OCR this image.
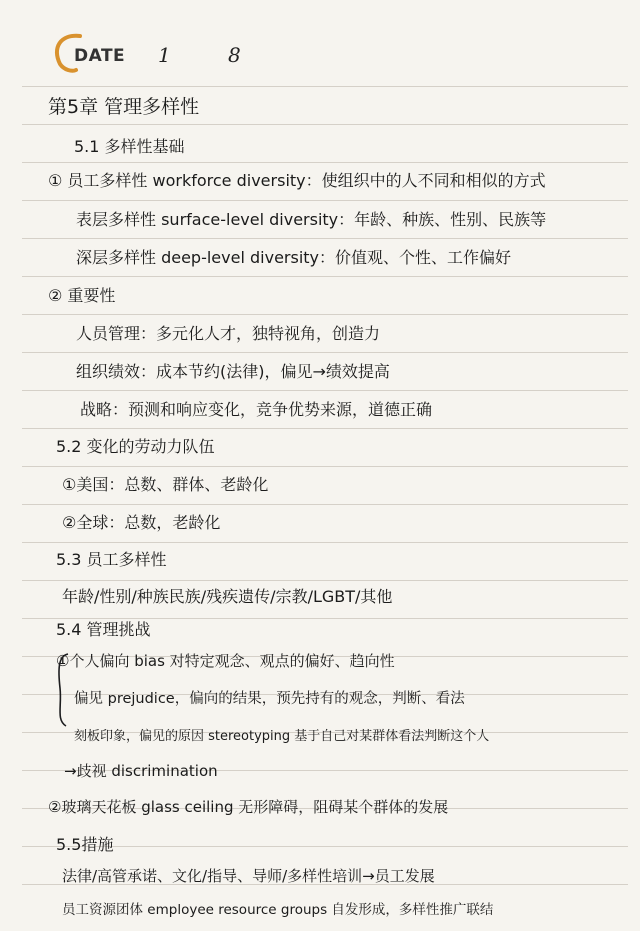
DATE 1	8
第5章 管理多样性
5.1 多样性基础
① 员工多样性 workforce diversity：使组织中的人不同和相似的方式
表层多样性 surface-level diversity：年龄、种族、性别、民族等
深层多样性 deep-level diversity：价值观、个性、工作偏好
② 重要性
人员管理：多元化人才，独特视角，创造力
组织绩效：成本节约(法律)，偏见→绩效提高
战略：预测和响应变化，竞争优势来源，道德正确
5.2 变化的劳动力队伍
①美国：总数、群体、老龄化
②全球：总数，老龄化
5.3 员工多样性
年龄/性别/种族民族/残疾遗传/宗教/LGBT/其他
5.4 管理挑战
①个人偏向 bias 对特定观念、观点的偏好、趋向性
偏见 prejudice，偏向的结果，预先持有的观念，判断、看法
刻板印象，偏见的原因 stereotyping 基于自己对某群体看法判断这个人
→歧视 discrimination
②玻璃天花板 glass ceiling 无形障碍，阻碍某个群体的发展
5.5措施
法律/高管承诺、文化/指导、导师/多样性培训→员工发展
员工资源团体 employee resource groups 自发形成，多样性推广联结
